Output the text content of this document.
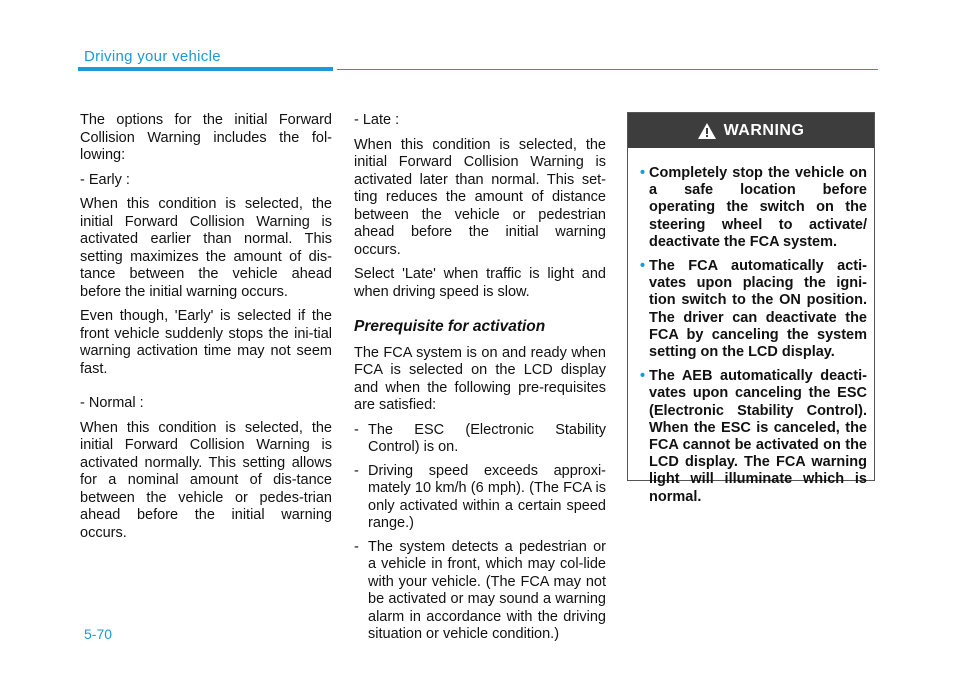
Driving your vehicle

The options for the initial Forward Collision Warning includes the fol-lowing:

- Early :

When this condition is selected, the initial Forward Collision Warning is activated earlier than normal. This setting maximizes the amount of dis-tance between the vehicle ahead before the initial warning occurs.

Even though, 'Early' is selected if the front vehicle suddenly stops the ini-tial warning activation time may not seem fast.

- Normal :

When this condition is selected, the initial Forward Collision Warning is activated normally. This setting allows for a nominal amount of dis-tance between the vehicle or pedes-trian ahead before the initial warning occurs.

- Late :

When this condition is selected, the initial Forward Collision Warning is activated later than normal. This set-ting reduces the amount of distance between the vehicle or pedestrian ahead before the initial warning occurs.

Select 'Late' when traffic is light and when driving speed is slow.

Prerequisite for activation

The FCA system is on and ready when FCA is selected on the LCD display and when the following pre-requisites are satisfied:

- The ESC (Electronic Stability Control) is on.
- Driving speed exceeds approxi-mately 10 km/h (6 mph). (The FCA is only activated within a certain speed range.)
- The system detects a pedestrian or a vehicle in front, which may col-lide with your vehicle. (The FCA may not be activated or may sound a warning alarm in accordance with the driving situation or vehicle condition.)
WARNING
• Completely stop the vehicle on a safe location before operating the switch on the steering wheel to activate/ deactivate the FCA system.
• The FCA automatically acti-vates upon placing the igni-tion switch to the ON position. The driver can deactivate the FCA by canceling the system setting on the LCD display.
• The AEB automatically deacti-vates upon canceling the ESC (Electronic Stability Control). When the ESC is canceled, the FCA cannot be activated on the LCD display. The FCA warning light will illuminate which is normal.
5-70
